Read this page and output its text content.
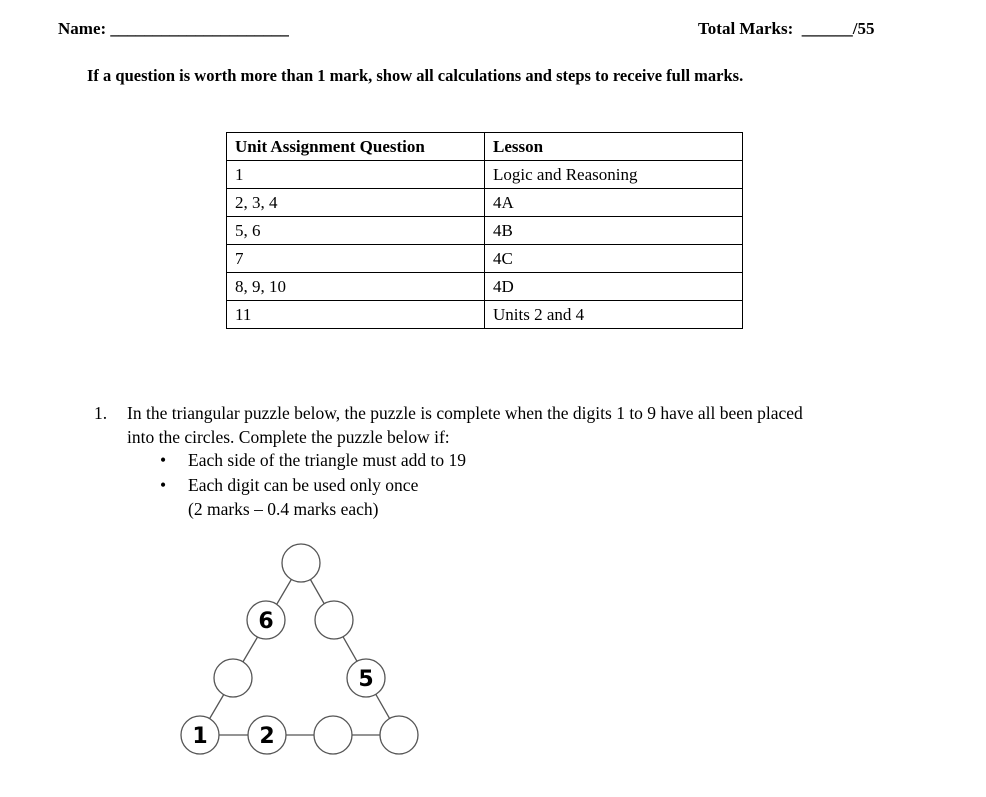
Name: _____________________	Total Marks: ______/55
If a question is worth more than 1 mark, show all calculations and steps to receive full marks.
Unit Assignment Question	Lesson
1	Logic and Reasoning
2, 3, 4	4A
5, 6	4B
7	4C
8, 9, 10	4D
11	Units 2 and 4
1. In the triangular puzzle below, the puzzle is complete when the digits 1 to 9 have all been placed
into the circles. Complete the puzzle below if:
• Each side of the triangle must add to 19
• Each digit can be used only once
(2 marks – 0.4 marks each)
6
5
1 2
